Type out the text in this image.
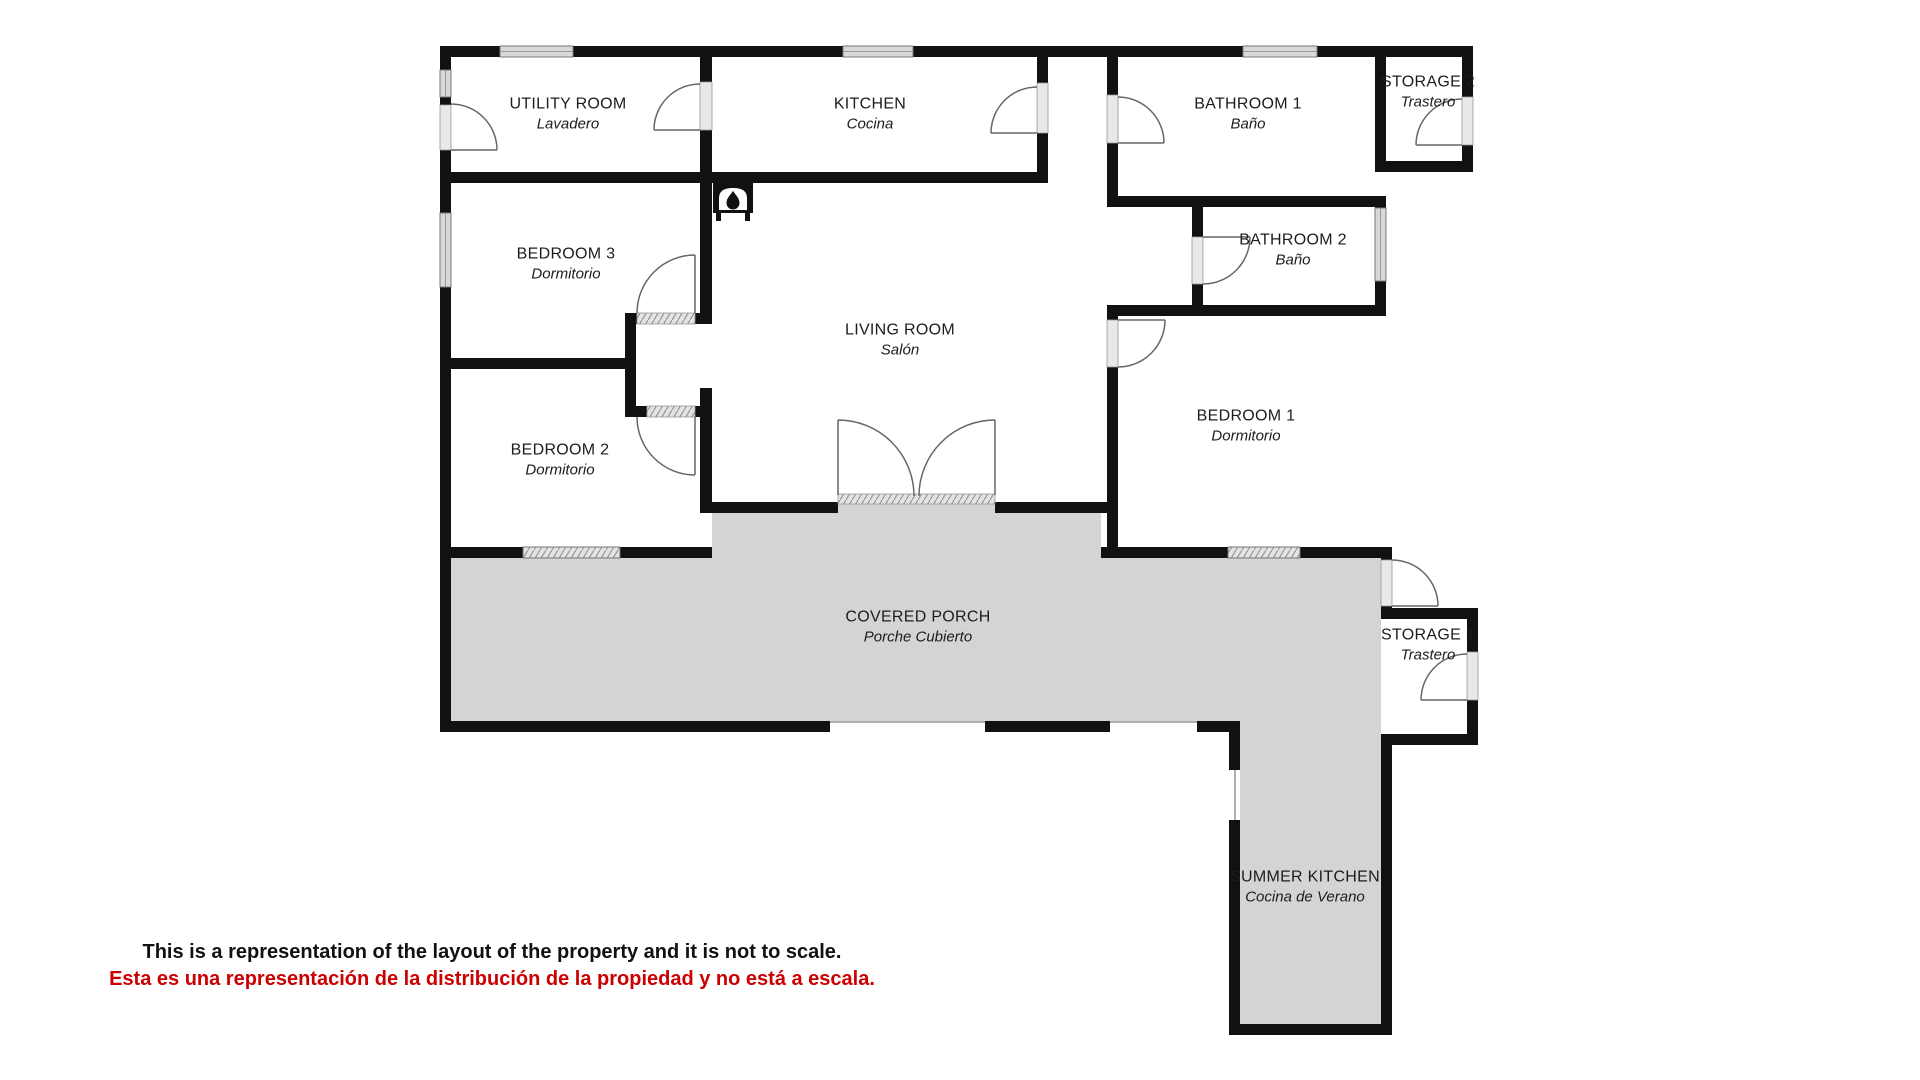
UTILITY ROOM
Lavadero
KITCHEN
Cocina
BATHROOM 1
Baño
STORAGE 2
Trastero
BEDROOM 3
Dormitorio
BATHROOM 2
Baño
LIVING ROOM
Salón
BEDROOM 1
Dormitorio
BEDROOM 2
Dormitorio
COVERED PORCH
Porche Cubierto	STORAGE 1
Trastero
SUMMER KITCHEN
Cocina de Verano
This is a representation of the layout of the property and it is not to scale.
Esta es una representación de la distribución de la propiedad y no está a escala.
